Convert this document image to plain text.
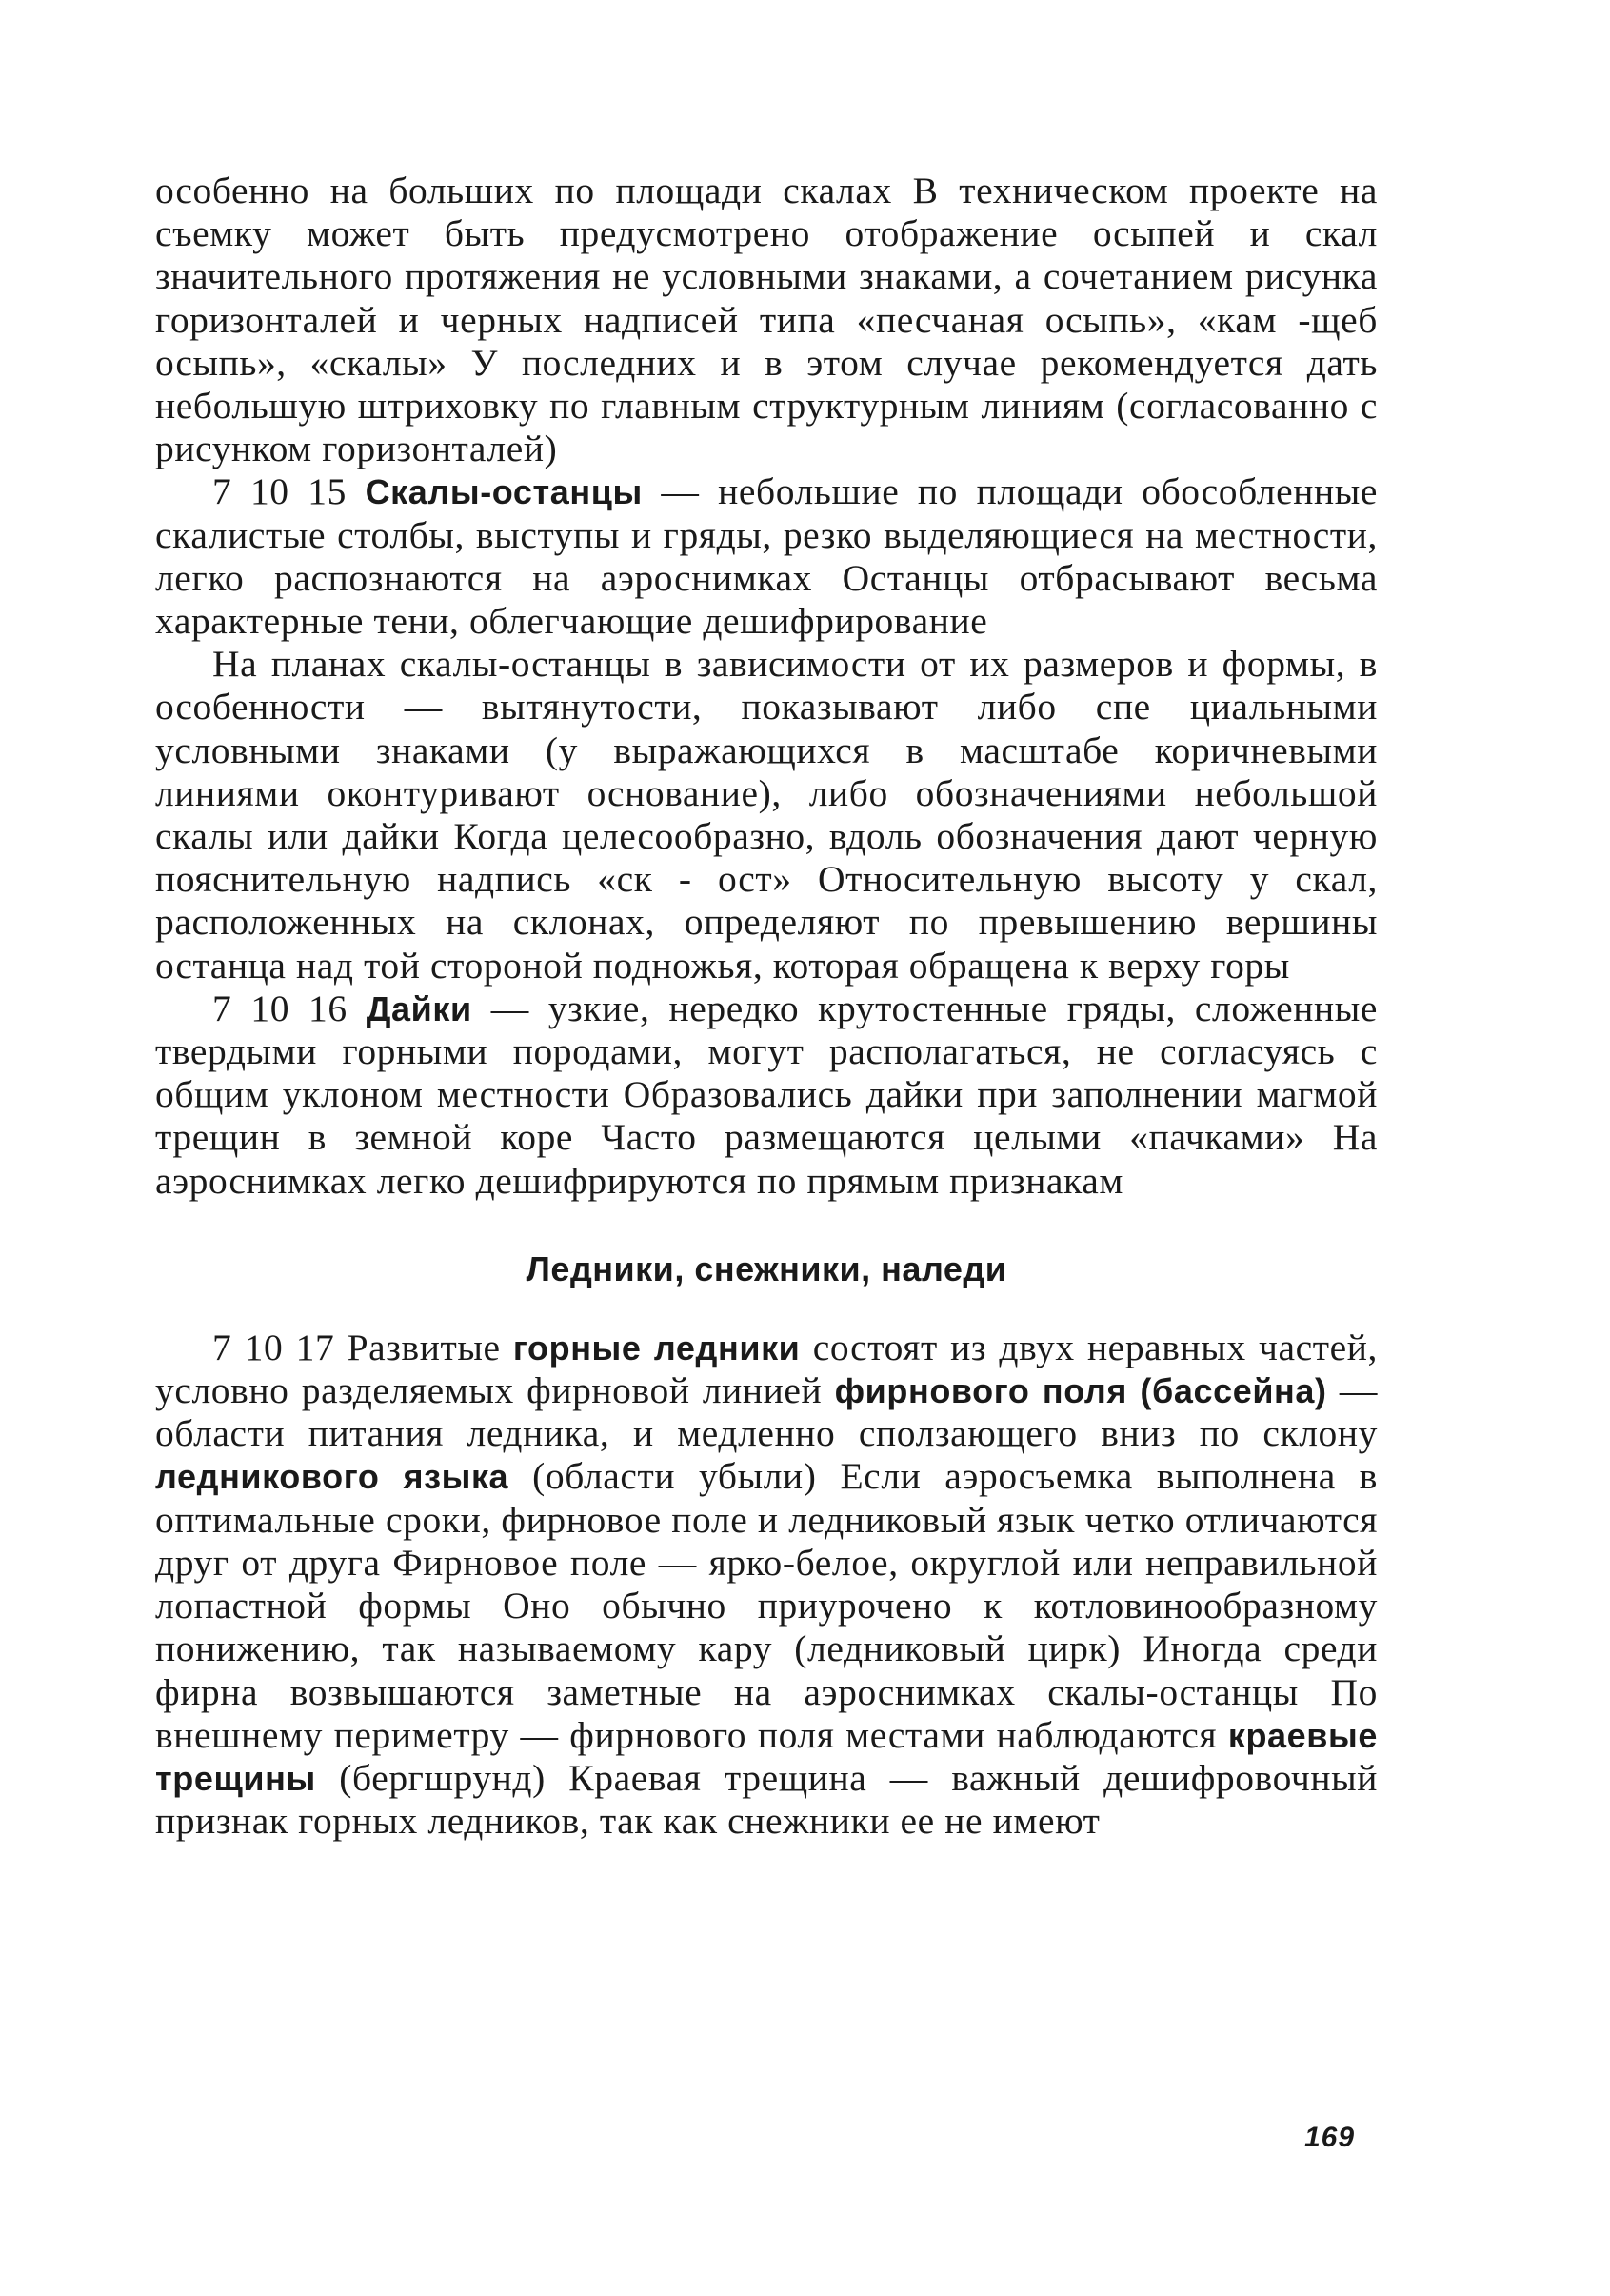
особенно на больших по площади скалах В техническом проекте на съемку может быть предусмотрено отображение осыпей и скал значительного протяжения не условными знаками, а сочетанием рисунка горизонталей и черных надписей типа «песчаная осыпь», «кам -щеб осыпь», «скалы» У последних и в этом случае рекомендуется дать небольшую штриховку по главным структурным линиям (согласованно с рисунком горизонталей)

7 10 15 Скалы-останцы — небольшие по площади обособленные скалистые столбы, выступы и гряды, резко выделяющиеся на местности, легко распознаются на аэроснимках Останцы отбрасывают весьма характерные тени, облегчающие дешифрирование

На планах скалы-останцы в зависимости от их размеров и формы, в особенности — вытянутости, показывают либо спе циальными условными знаками (у выражающихся в масштабе коричневыми линиями оконтуривают основание), либо обозначениями небольшой скалы или дайки Когда целесообразно, вдоль обозначения дают черную пояснительную надпись «ск - ост» Относительную высоту у скал, расположенных на склонах, определяют по превышению вершины останца над той стороной подножья, которая обращена к верху горы

7 10 16 Дайки — узкие, нередко крутостенные гряды, сложенные твердыми горными породами, могут располагаться, не согласуясь с общим уклоном местности Образовались дайки при заполнении магмой трещин в земной коре Часто размещаются целыми «пачками» На аэроснимках легко дешифрируются по прямым признакам

Ледники, снежники, наледи

7 10 17 Развитые горные ледники состоят из двух неравных частей, условно разделяемых фирновой линией фирнового поля (бассейна) — области питания ледника, и медленно сползающего вниз по склону ледникового языка (области убыли) Если аэросъемка выполнена в оптимальные сроки, фирновое поле и ледниковый язык четко отличаются друг от друга Фирновое поле — ярко-белое, округлой или неправильной лопастной формы Оно обычно приурочено к котловинообразному понижению, так называемому кару (ледниковый цирк) Иногда среди фирна возвышаются заметные на аэроснимках скалы-останцы По внешнему периметру — фирнового поля местами наблюдаются краевые трещины (бергшрунд) Краевая трещина — важный дешифровочный признак горных ледников, так как снежники ее не имеют

169
